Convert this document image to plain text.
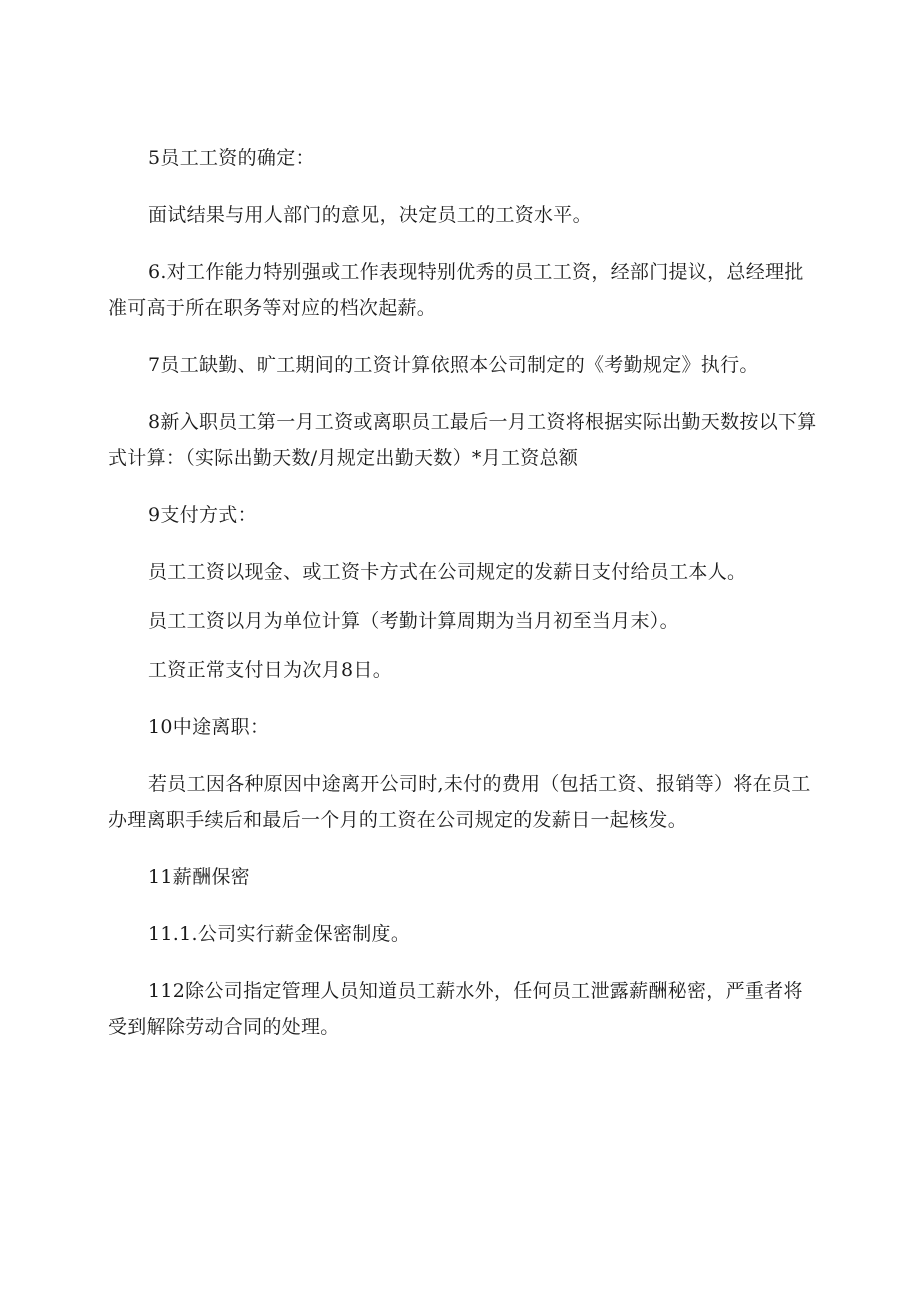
5员工工资的确定：

面试结果与用人部门的意见，决定员工的工资水平。

6.对工作能力特别强或工作表现特别优秀的员工工资，经部门提议，总经理批准可高于所在职务等对应的档次起薪。

7员工缺勤、旷工期间的工资计算依照本公司制定的《考勤规定》执行。

8新入职员工第一月工资或离职员工最后一月工资将根据实际出勤天数按以下算式计算：（实际出勤天数/月规定出勤天数）*月工资总额

9支付方式：

员工工资以现金、或工资卡方式在公司规定的发薪日支付给员工本人。

员工工资以月为单位计算（考勤计算周期为当月初至当月末）。

工资正常支付日为次月8日。

10中途离职：

若员工因各种原因中途离开公司时,未付的费用（包括工资、报销等）将在员工办理离职手续后和最后一个月的工资在公司规定的发薪日一起核发。

11薪酬保密

11.1.公司实行薪金保密制度。

112除公司指定管理人员知道员工薪水外，任何员工泄露薪酬秘密，严重者将受到解除劳动合同的处理。
